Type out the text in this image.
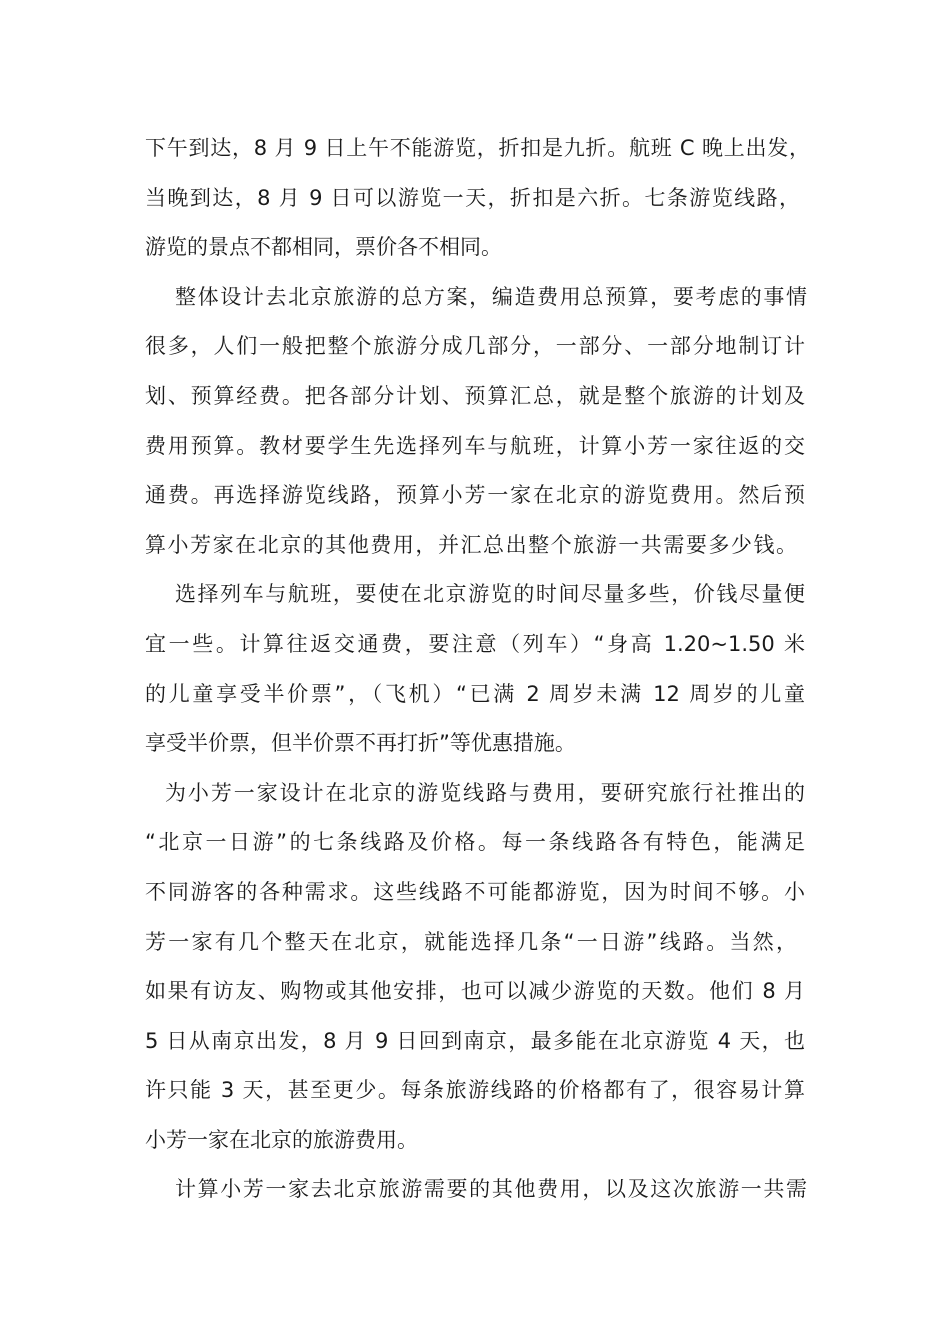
下午到达，8 月 9 日上午不能游览，折扣是九折。航班 C 晚上出发，
当晚到达，8 月 9 日可以游览一天，折扣是六折。七条游览线路，
游览的景点不都相同，票价各不相同。
整体设计去北京旅游的总方案，编造费用总预算，要考虑的事情
很多，人们一般把整个旅游分成几部分，一部分、一部分地制订计
划、预算经费。把各部分计划、预算汇总，就是整个旅游的计划及
费用预算。教材要学生先选择列车与航班，计算小芳一家往返的交
通费。再选择游览线路，预算小芳一家在北京的游览费用。然后预
算小芳家在北京的其他费用，并汇总出整个旅游一共需要多少钱。
选择列车与航班，要使在北京游览的时间尽量多些，价钱尽量便
宜一些。计算往返交通费，要注意（列车）“身高 1.20~1.50 米
的儿童享受半价票”，（飞机）“已满 2 周岁未满 12 周岁的儿童
享受半价票，但半价票不再打折”等优惠措施。
为小芳一家设计在北京的游览线路与费用，要研究旅行社推出的
“北京一日游”的七条线路及价格。每一条线路各有特色，能满足
不同游客的各种需求。这些线路不可能都游览，因为时间不够。小
芳一家有几个整天在北京，就能选择几条“一日游”线路。当然，
如果有访友、购物或其他安排，也可以减少游览的天数。他们 8 月
5 日从南京出发，8 月 9 日回到南京，最多能在北京游览 4 天，也
许只能 3 天，甚至更少。每条旅游线路的价格都有了，很容易计算
小芳一家在北京的旅游费用。
计算小芳一家去北京旅游需要的其他费用，以及这次旅游一共需
